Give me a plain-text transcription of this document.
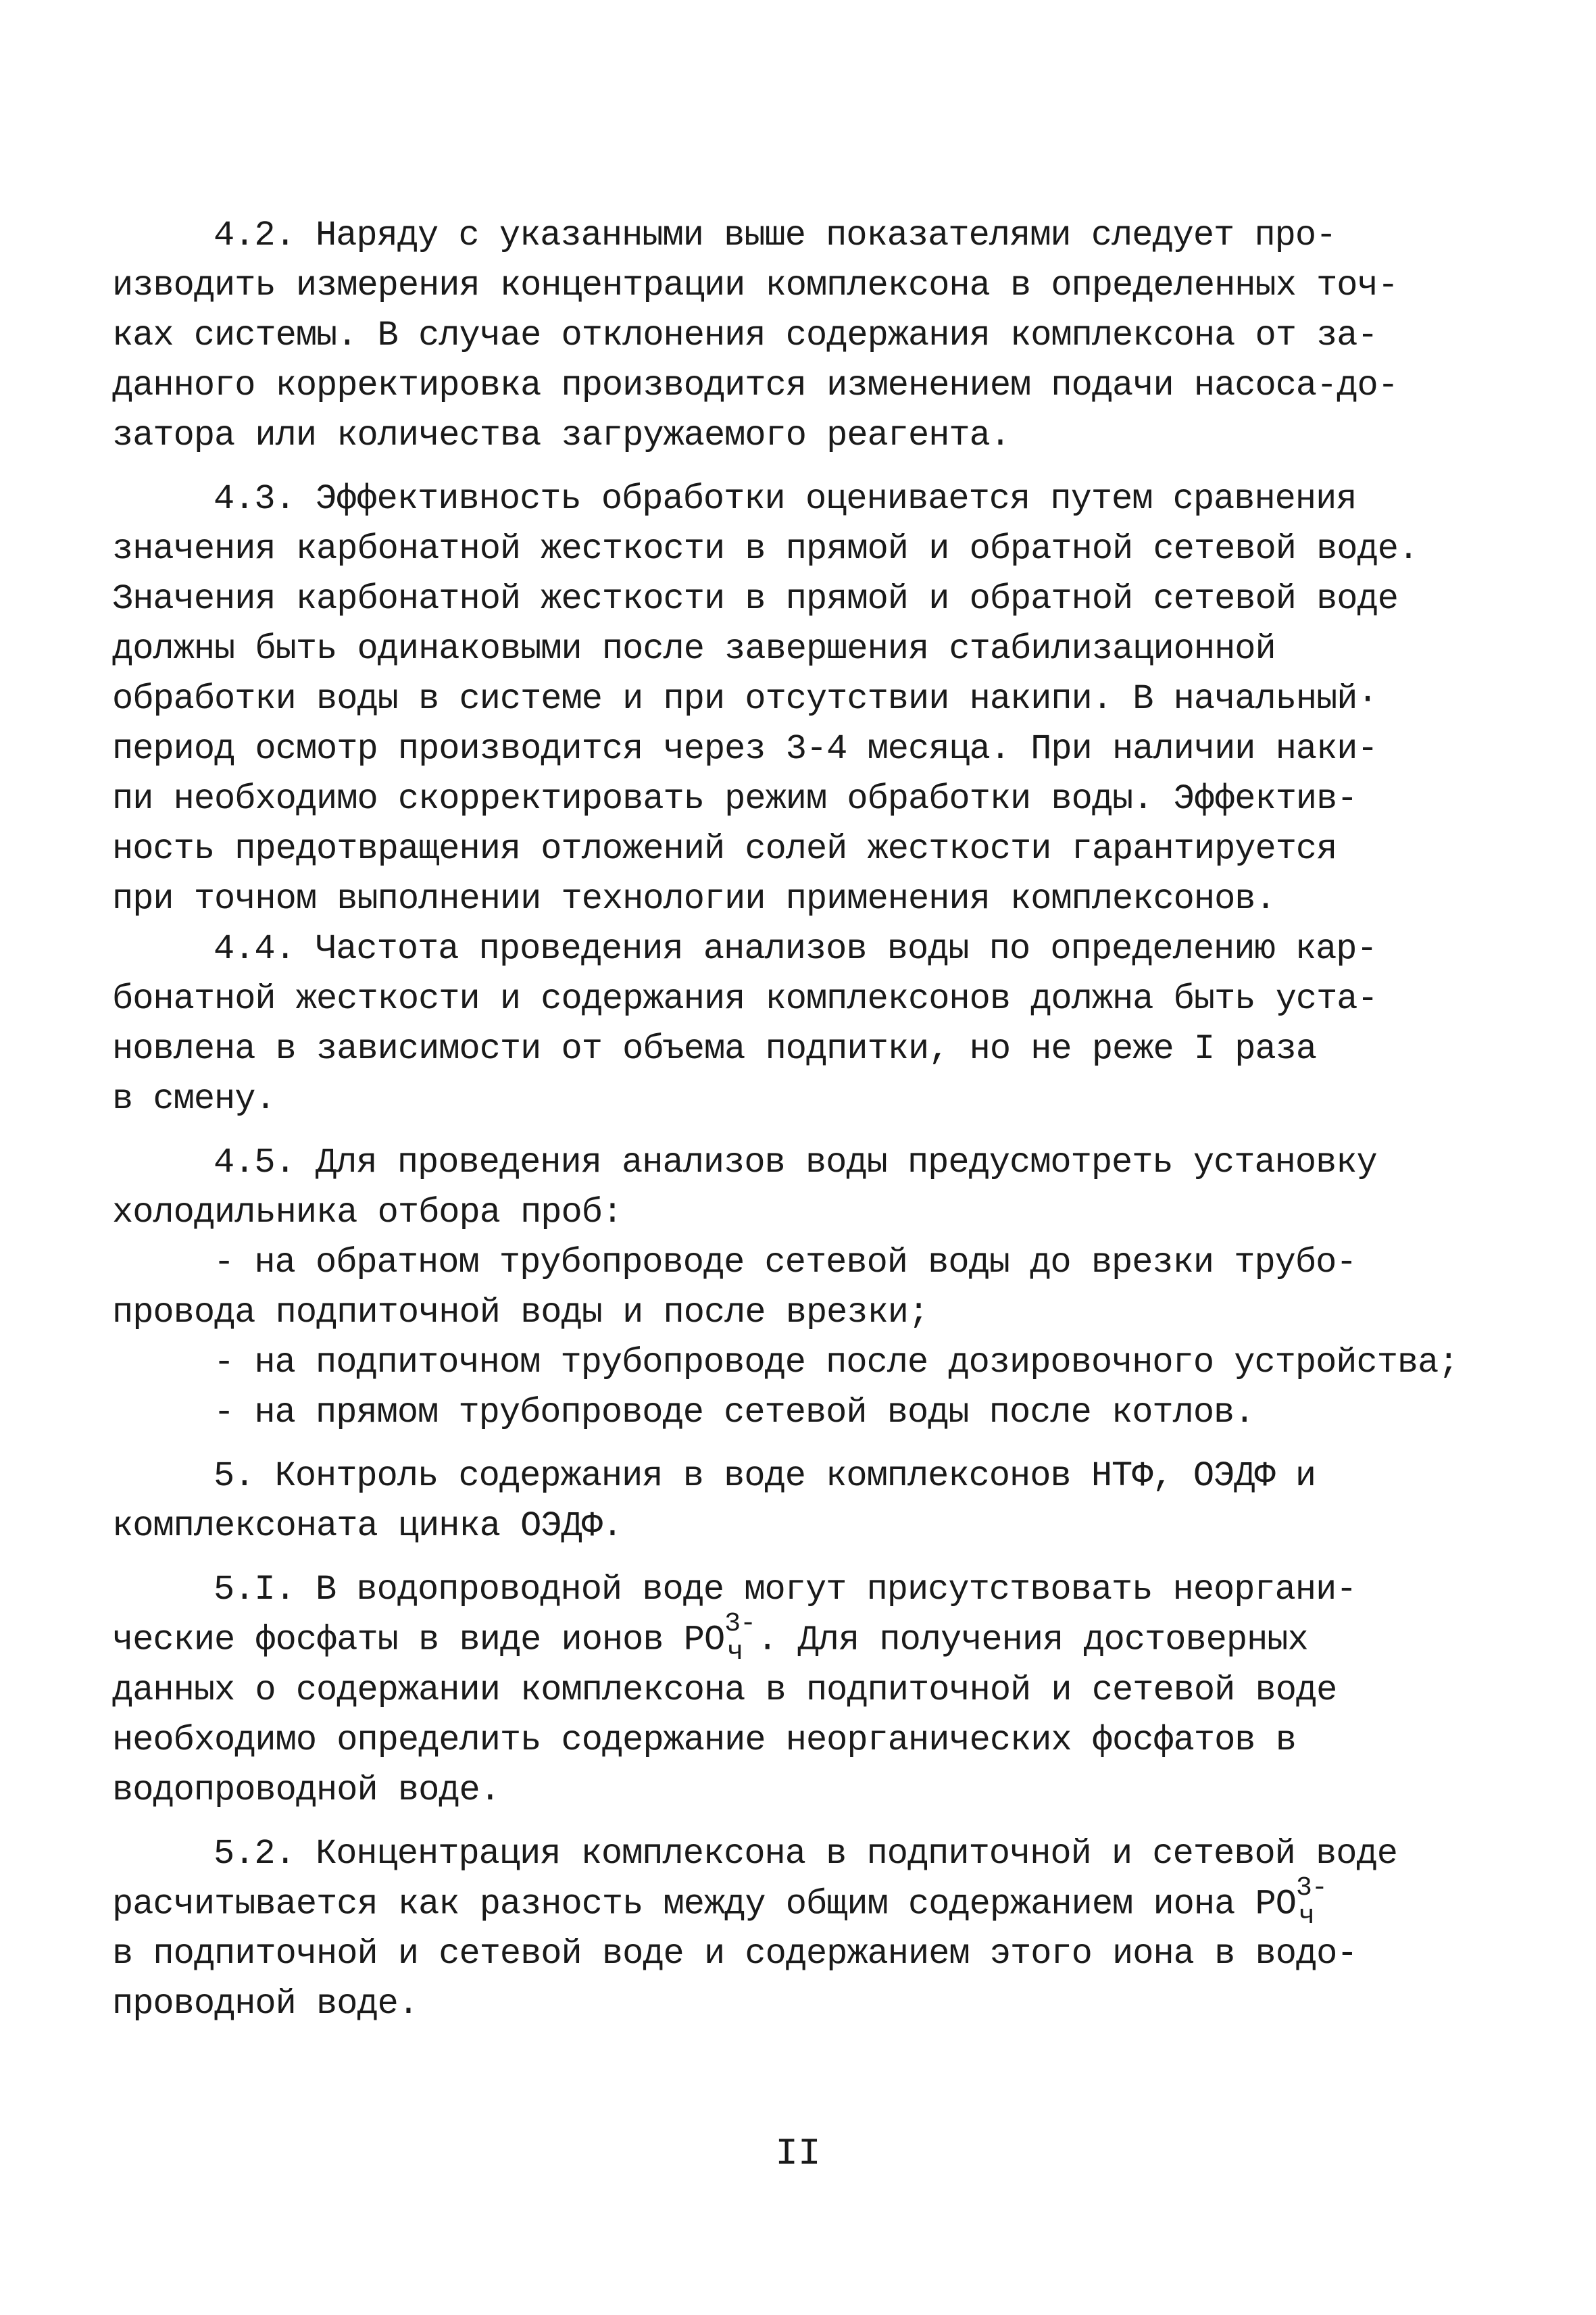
4.2. Наряду с указанными выше показателями следует про-
изводить измерения концентрации комплексона в определенных точ-
ках системы. В случае отклонения содержания комплексона от за-
данного корректировка производится изменением подачи насоса-до-
затора или количества загружаемого реагента.

4.3. Эффективность обработки оценивается путем сравнения
значения карбонатной жесткости в прямой и обратной сетевой воде.
Значения карбонатной жесткости в прямой и обратной сетевой воде
должны быть одинаковыми после завершения стабилизационной
обработки воды в системе и при отсутствии накипи. В начальный·
период осмотр производится через 3-4 месяца. При наличии наки-
пи необходимо скорректировать режим обработки воды. Эффектив-
ность предотвращения отложений солей жесткости гарантируется
при точном выполнении технологии применения комплексонов.

4.4. Частота проведения анализов воды по определению кар-
бонатной жесткости и содержания комплексонов должна быть уста-
новлена в зависимости от объема подпитки, но не реже I раза
в смену.

4.5. Для проведения анализов воды предусмотреть установку
холодильника отбора проб:
- на обратном трубопроводе сетевой воды до врезки трубо-
провода подпиточной воды и после врезки;
- на подпиточном трубопроводе после дозировочного устройства;
- на прямом трубопроводе сетевой воды после котлов.

5. Контроль содержания в воде комплексонов НТФ, ОЭДФ и
комплексоната цинка ОЭДФ.

5.I. В водопроводной воде могут присутствовать неоргани-
ческие фосфаты в виде ионов РО 3-
ч . Для получения достоверных
данных о содержании комплексона в подпиточной и сетевой воде
необходимо определить содержание неорганических фосфатов в
водопроводной воде.

5.2. Концентрация комплексона в подпиточной и сетевой воде
расчитывается как разность между общим содержанием иона РО 3-
ч
в подпиточной и сетевой воде и содержанием этого иона в водо-
проводной воде.

II
